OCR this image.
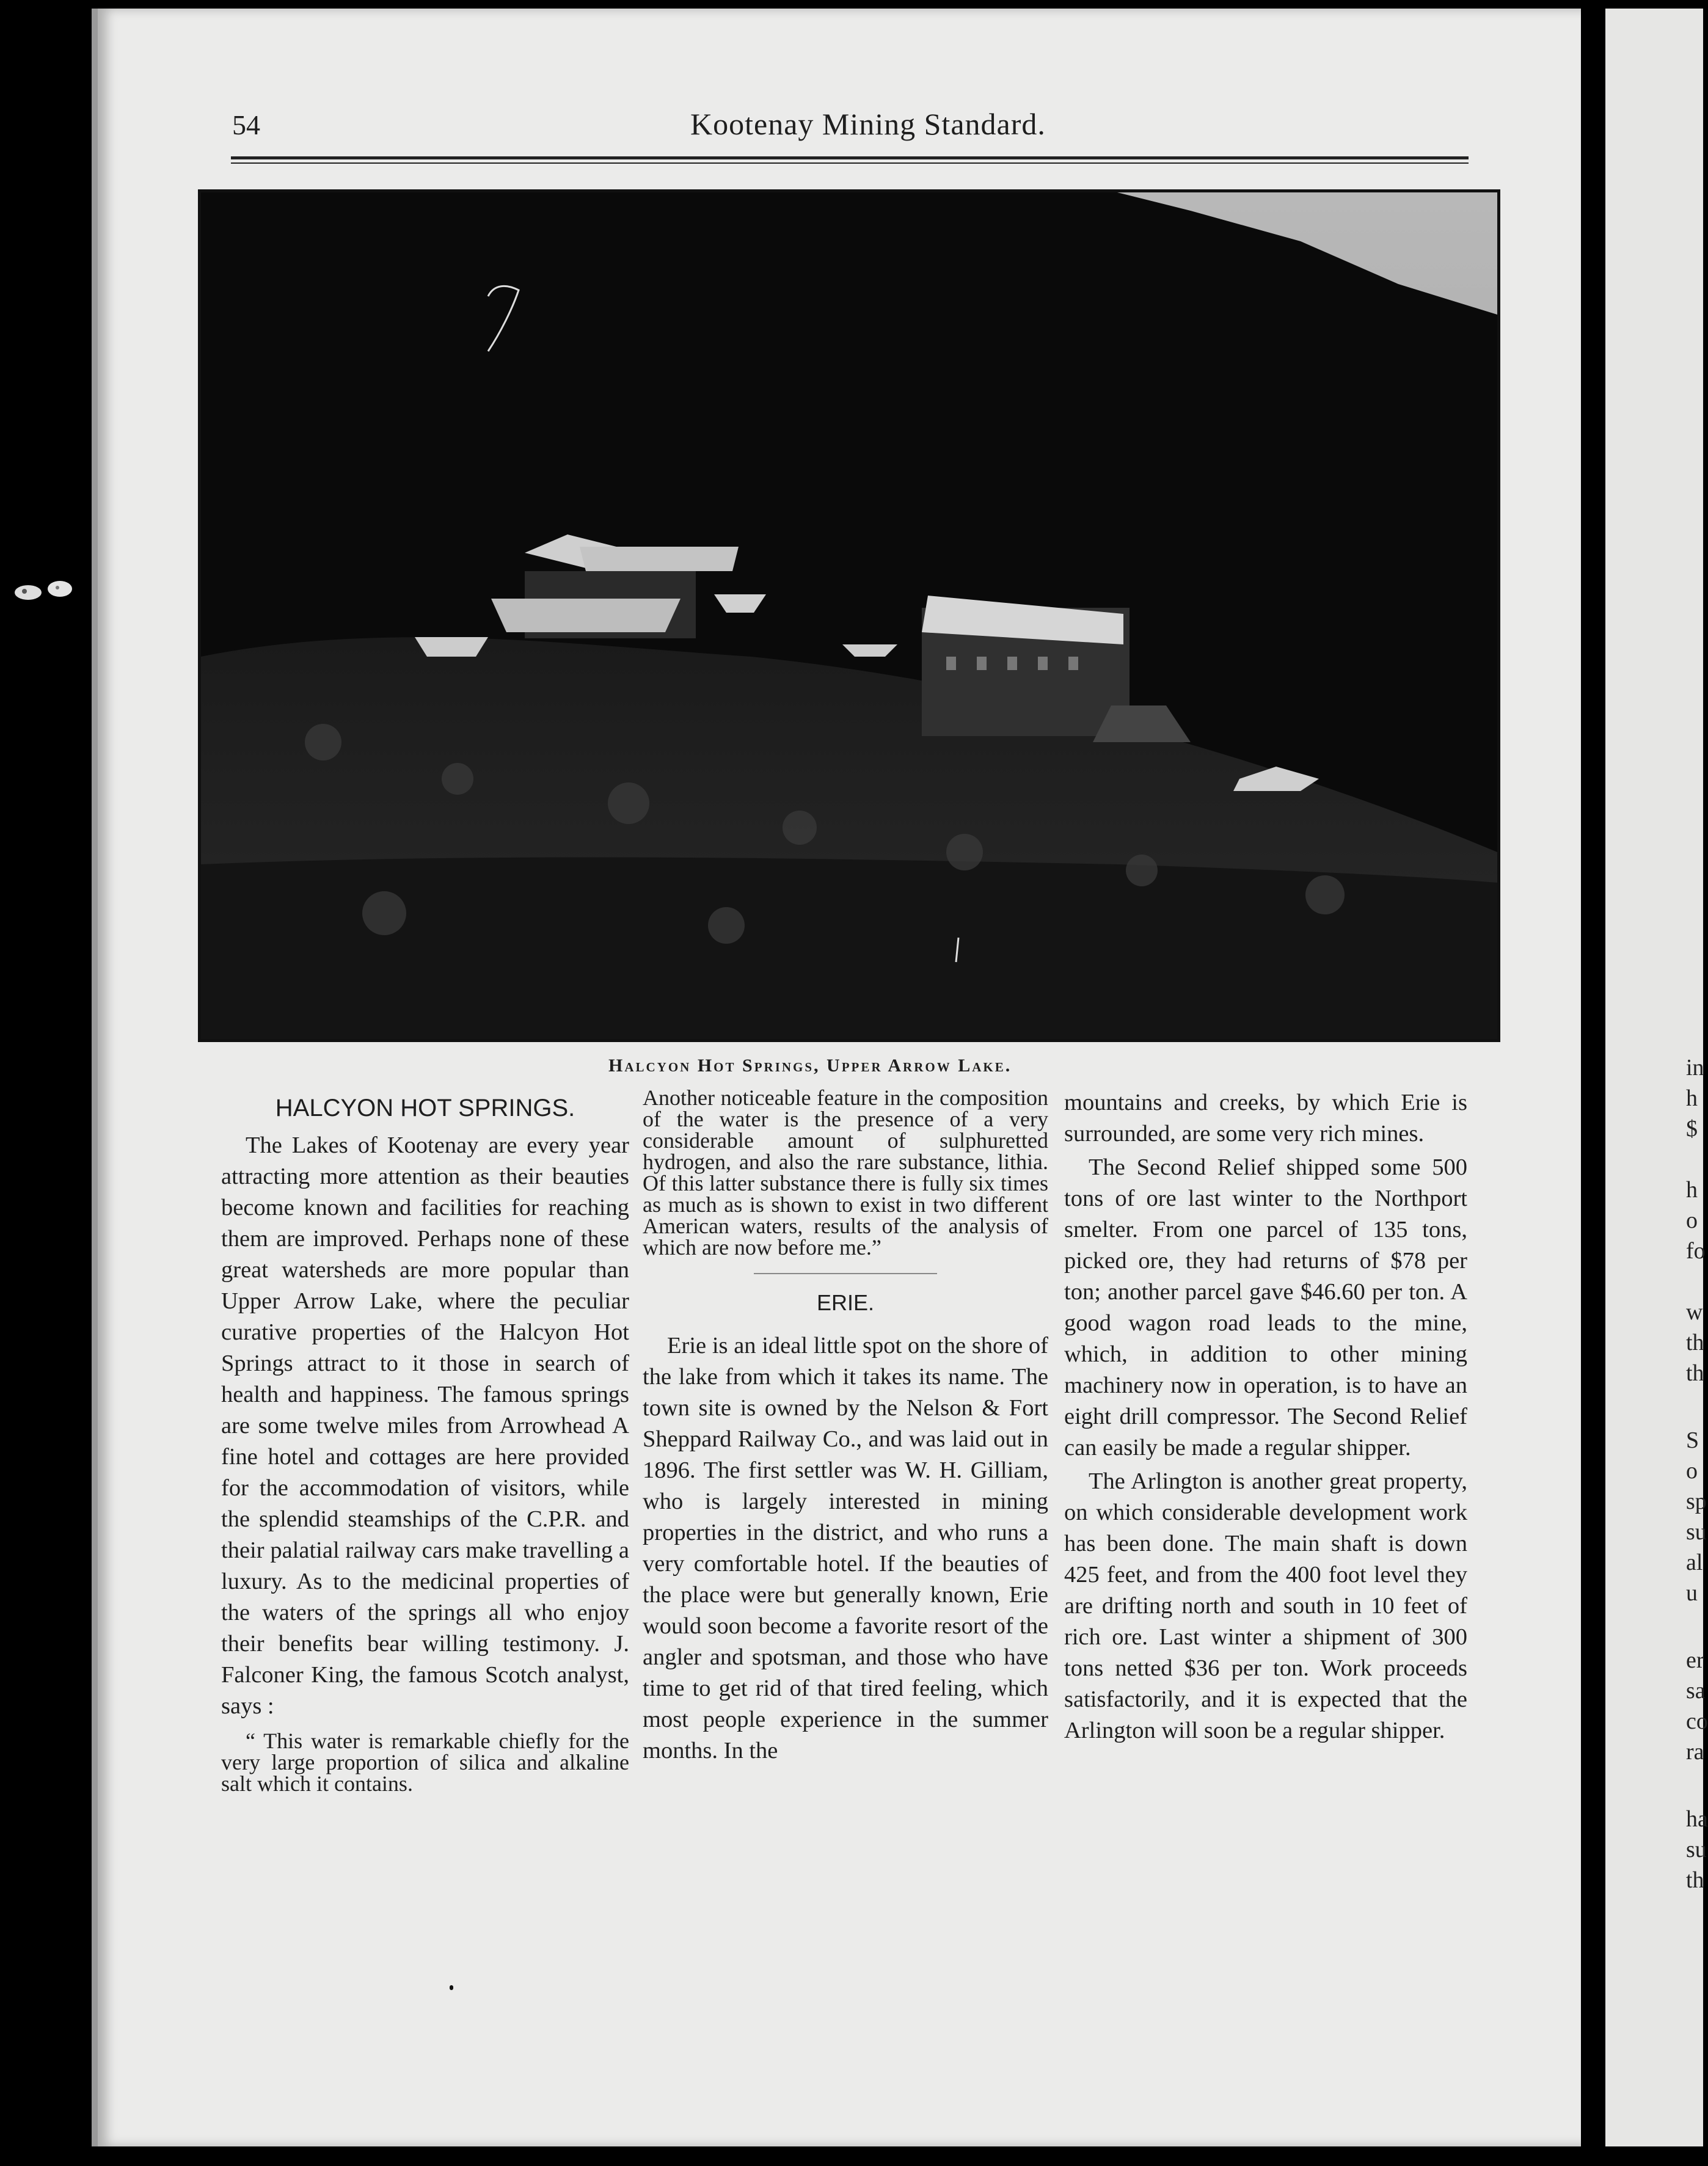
54	Kootenay Mining Standard.
Halcyon Hot Springs, Upper Arrow Lake.
HALCYON HOT SPRINGS.

The Lakes of Kootenay are every year attracting more attention as their beauties become known and facilities for reaching them are improved. Perhaps none of these great watersheds are more popular than Upper Arrow Lake, where the peculiar curative properties of the Halcyon Hot Springs attract to it those in search of health and happiness. The famous springs are some twelve miles from Arrowhead A fine hotel and cottages are here provided for the accommodation of visitors, while the splendid steamships of the C.P.R. and their palatial railway cars make travelling a luxury. As to the medicinal properties of the waters of the springs all who enjoy their benefits bear willing testimony. J. Falconer King, the famous Scotch analyst, says :

“ This water is remarkable chiefly for the very large proportion of silica and alkaline salt which it contains.

Another noticeable feature in the composition of the water is the presence of a very considerable amount of sulphuretted hydrogen, and also the rare substance, lithia. Of this latter substance there is fully six times as much as is shown to exist in two different American waters, results of the analysis of which are now before me.”

ERIE.

Erie is an ideal little spot on the shore of the lake from which it takes its name. The town site is owned by the Nelson & Fort Sheppard Railway Co., and was laid out in 1896. The first settler was W. H. Gilliam, who is largely interested in mining properties in the district, and who runs a very comfortable hotel. If the beauties of the place were but generally known, Erie would soon become a favorite resort of the angler and spotsman, and those who have time to get rid of that tired feeling, which most people experience in the summer months. In the

mountains and creeks, by which Erie is surrounded, are some very rich mines.

The Second Relief shipped some 500 tons of ore last winter to the Northport smelter. From one parcel of 135 tons, picked ore, they had returns of $78 per ton; another parcel gave $46.60 per ton. A good wagon road leads to the mine, which, in addition to other mining machinery now in operation, is to have an eight drill compressor. The Second Relief can easily be made a regular shipper.

The Arlington is another great property, on which considerable development work has been done. The main shaft is down 425 feet, and from the 400 foot level they are drifting north and south in 10 feet of rich ore. Last winter a shipment of 300 tons netted $36 per ton. Work proceeds satisfactorily, and it is expected that the Arlington will soon be a regular shipper.

in
h
$
h
o
fo
w
th
th
S
o
sp
su
al
u
er
sa
co
ra
ha
su
th
